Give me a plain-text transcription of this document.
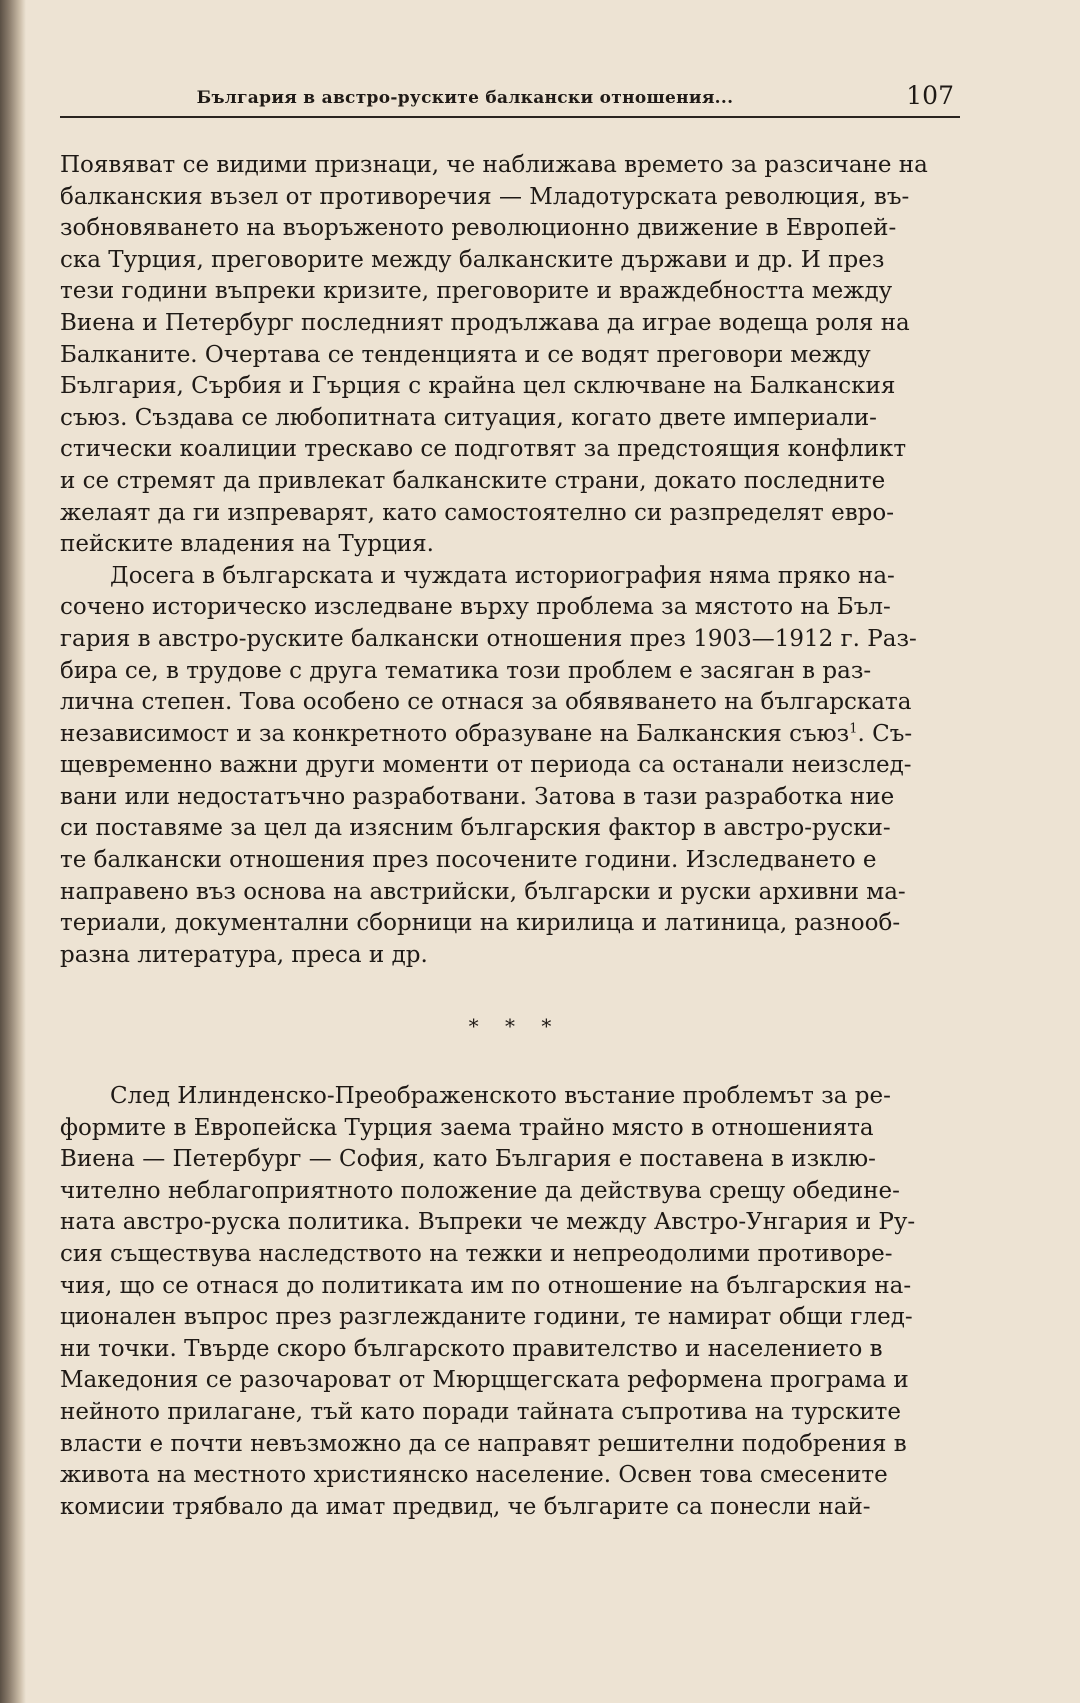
България в австро-руските балкански отношения...	107

Появяват се видими признаци, че наближава времето за разсичане на
балканския възел от противоречия — Младотурската революция, въ-
зобновяването на въоръженото революционно движение в Европей-
ска Турция, преговорите между балканските държави и др. И през
тези години въпреки кризите, преговорите и враждебността между
Виена и Петербург последният продължава да играе водеща роля на
Балканите. Очертава се тенденцията и се водят преговори между
България, Сърбия и Гърция с крайна цел сключване на Балканския
съюз. Създава се любопитната ситуация, когато двете империали-
стически коалиции трескаво се подготвят за предстоящия конфликт
и се стремят да привлекат балканските страни, докато последните
желаят да ги изпреварят, като самостоятелно си разпределят евро-
пейските владения на Турция.

Досега в българската и чуждата историография няма пряко на-
сочено историческо изследване върху проблема за мястото на Бъл-
гария в австро-руските балкански отношения през 1903—1912 г. Раз-
бира се, в трудове с друга тематика този проблем е засяган в раз-
лична степен. Това особено се отнася за обявяването на българската
независимост и за конкретното образуване на Балканския съюз$^1$. Съ-
щевременно важни други моменти от периода са останали неизслед-
вани или недостатъчно разработвани. Затова в тази разработка ние
си поставяме за цел да изясним българския фактор в австро-руски-
те балкански отношения през посочените години. Изследването е
направено въз основа на австрийски, български и руски архивни ма-
териали, документални сборници на кирилица и латиница, разнооб-
разна литература, преса и др.

* * *

След Илинденско-Преображенското въстание проблемът за ре-
формите в Европейска Турция заема трайно място в отношенията
Виена — Петербург — София, като България е поставена в изклю-
чително неблагоприятното положение да действува срещу обедине-
ната австро-руска политика. Въпреки че между Австро-Унгария и Ру-
сия съществува наследството на тежки и непреодолими противоре-
чия, що се отнася до политиката им по отношение на българския на-
ционален въпрос през разглежданите години, те намират общи глед-
ни точки. Твърде скоро българското правителство и населението в
Македония се разочароват от Мюрцщегската реформена програма и
нейното прилагане, тъй като поради тайната съпротива на турските
власти е почти невъзможно да се направят решителни подобрения в
живота на местното християнско население. Освен това смесените
комисии трябвало да имат предвид, че българите са понесли най-
